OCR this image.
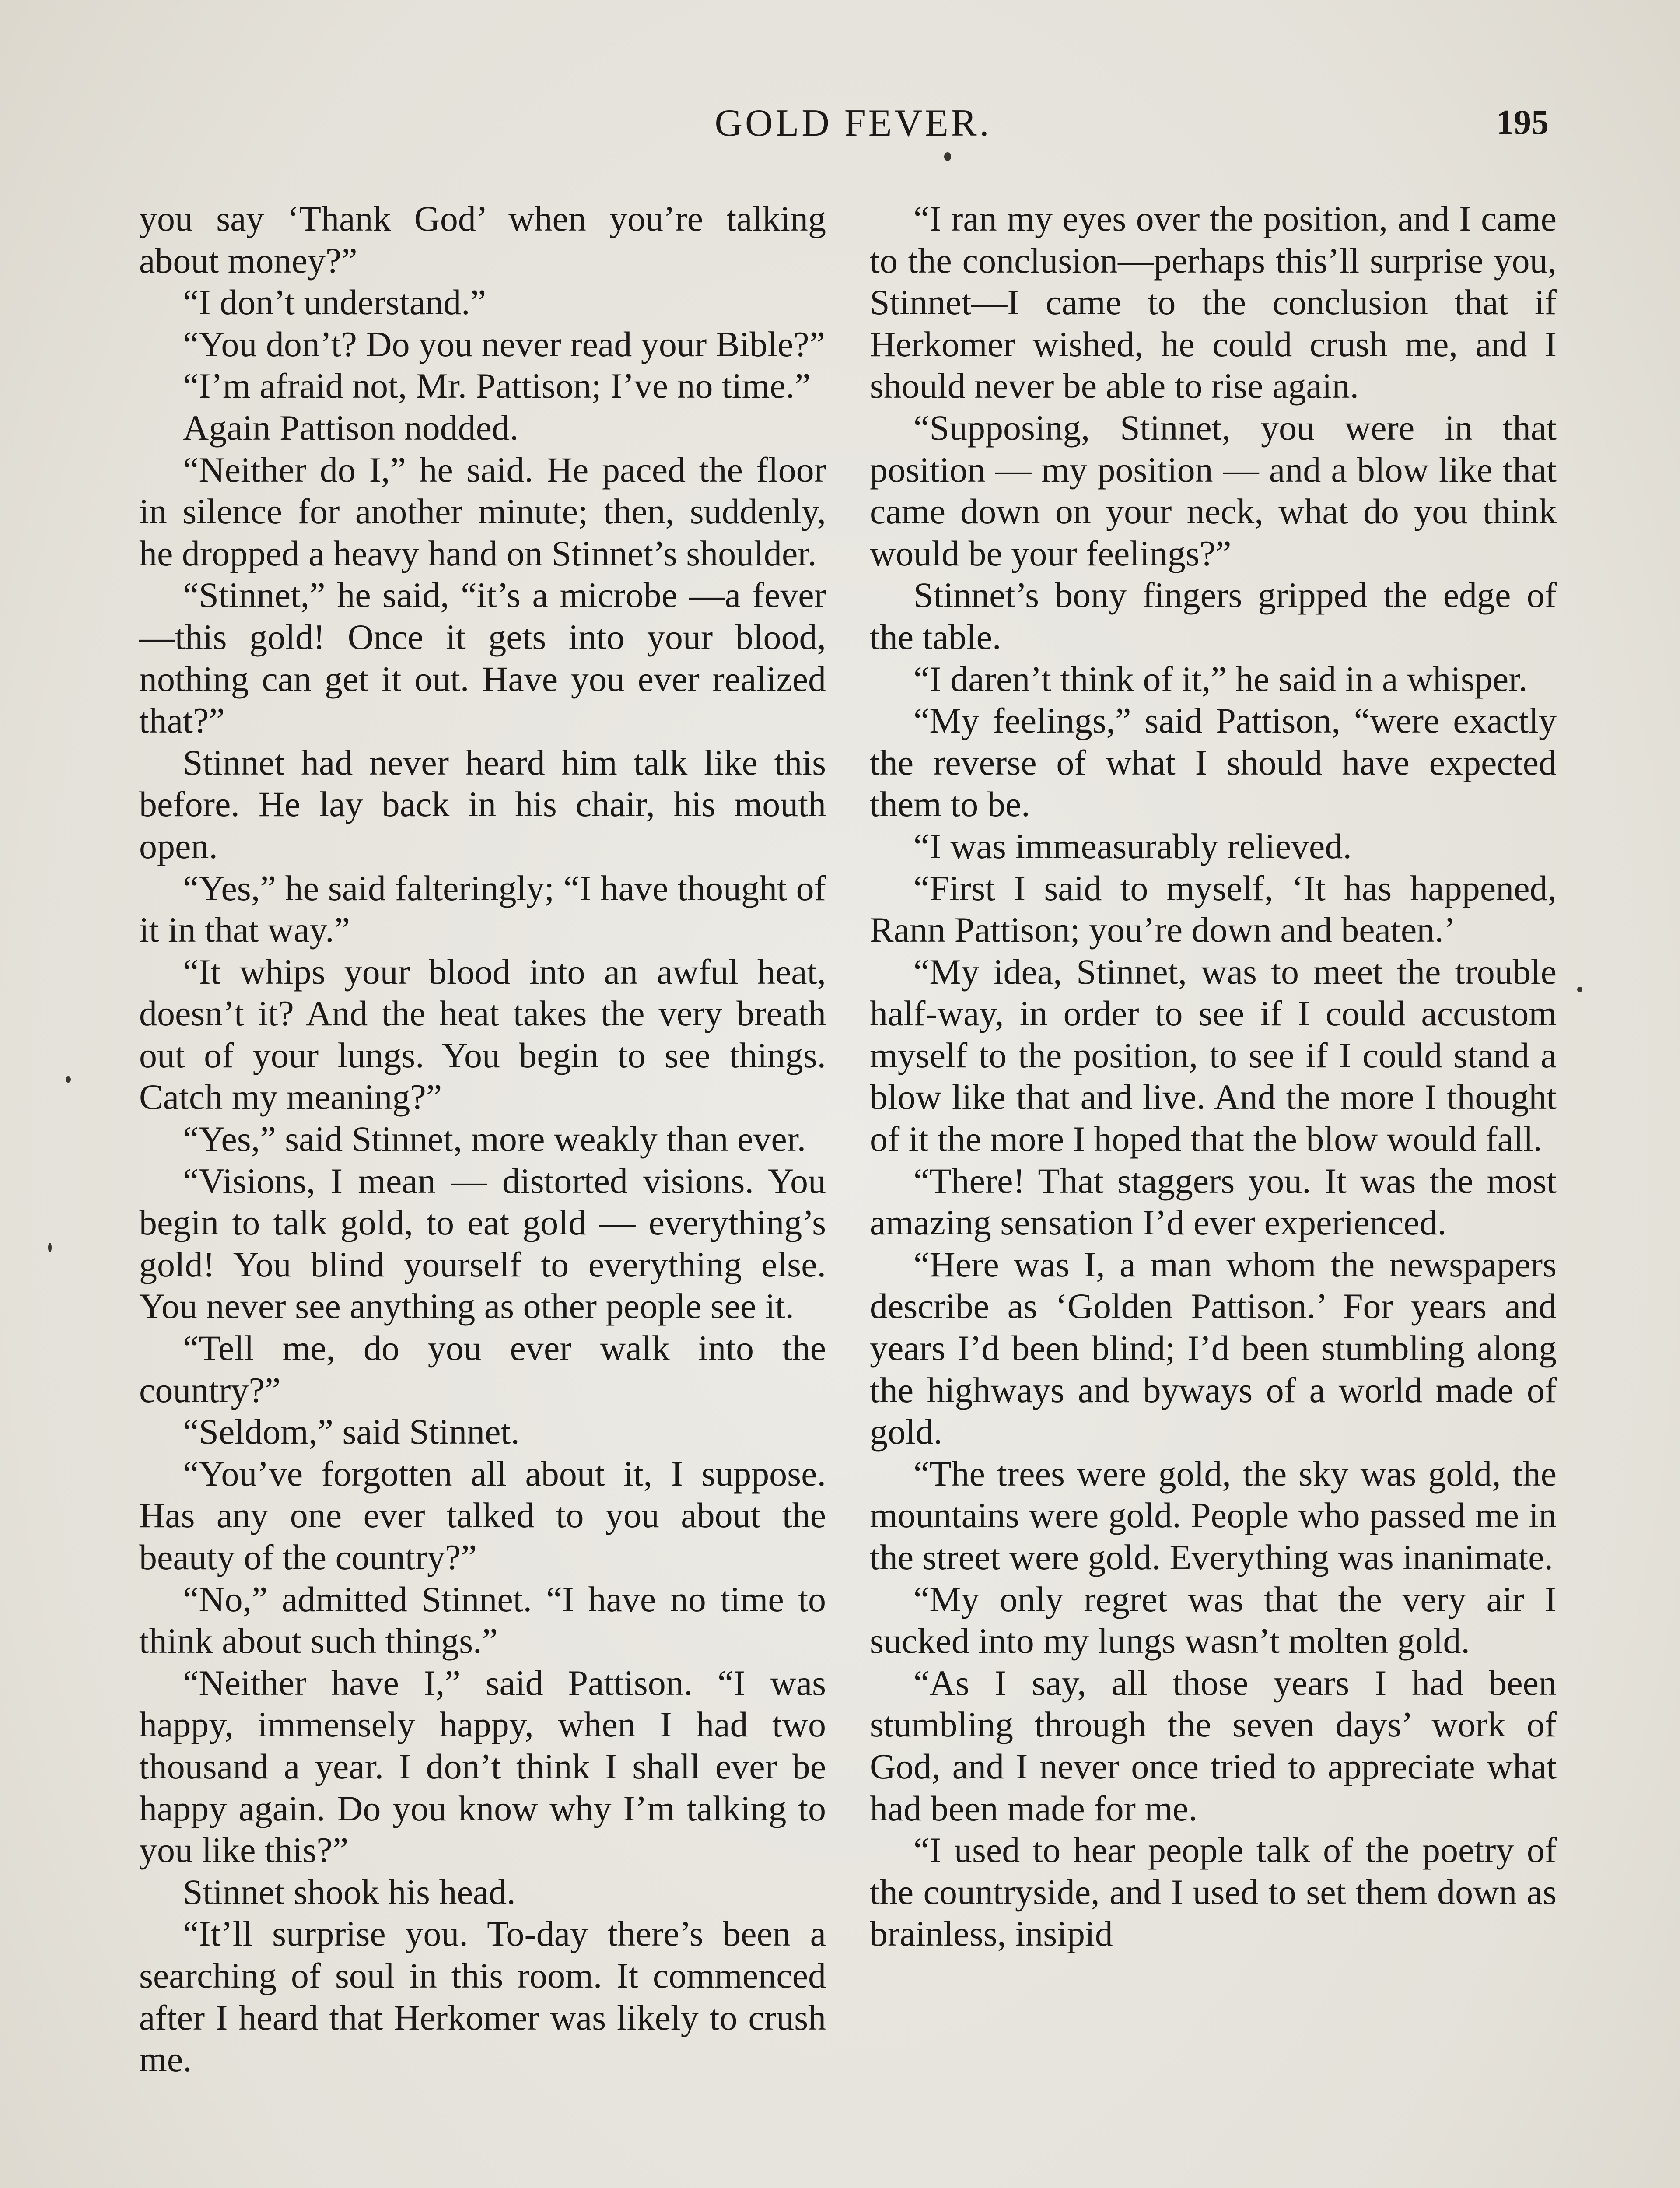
GOLD FEVER.	195

you say ‘Thank God’ when you’re talking about money?”

“I don’t understand.”

“You don’t? Do you never read your Bible?”

“I’m afraid not, Mr. Pattison; I’ve no time.”

Again Pattison nodded.

“Neither do I,” he said. He paced the floor in silence for another minute; then, suddenly, he dropped a heavy hand on Stinnet’s shoulder.

“Stinnet,” he said, “it’s a microbe —a fever—this gold! Once it gets into your blood, nothing can get it out. Have you ever realized that?”

Stinnet had never heard him talk like this before. He lay back in his chair, his mouth open.

“Yes,” he said falteringly; “I have thought of it in that way.”

“It whips your blood into an awful heat, doesn’t it? And the heat takes the very breath out of your lungs. You begin to see things. Catch my meaning?”

“Yes,” said Stinnet, more weakly than ever.

“Visions, I mean — distorted visions. You begin to talk gold, to eat gold — everything’s gold! You blind yourself to everything else. You never see anything as other people see it.

“Tell me, do you ever walk into the country?”

“Seldom,” said Stinnet.

“You’ve forgotten all about it, I suppose. Has any one ever talked to you about the beauty of the country?”

“No,” admitted Stinnet. “I have no time to think about such things.”

“Neither have I,” said Pattison. “I was happy, immensely happy, when I had two thousand a year. I don’t think I shall ever be happy again. Do you know why I’m talking to you like this?”

Stinnet shook his head.

“It’ll surprise you. To-day there’s been a searching of soul in this room. It commenced after I heard that Herkomer was likely to crush me.

“I ran my eyes over the position, and I came to the conclusion—perhaps this’ll surprise you, Stinnet—I came to the conclusion that if Herkomer wished, he could crush me, and I should never be able to rise again.

“Supposing, Stinnet, you were in that position — my position — and a blow like that came down on your neck, what do you think would be your feelings?”

Stinnet’s bony fingers gripped the edge of the table.

“I daren’t think of it,” he said in a whisper.

“My feelings,” said Pattison, “were exactly the reverse of what I should have expected them to be.

“I was immeasurably relieved.

“First I said to myself, ‘It has happened, Rann Pattison; you’re down and beaten.’

“My idea, Stinnet, was to meet the trouble half-way, in order to see if I could accustom myself to the position, to see if I could stand a blow like that and live. And the more I thought of it the more I hoped that the blow would fall.

“There! That staggers you. It was the most amazing sensation I’d ever experienced.

“Here was I, a man whom the newspapers describe as ‘Golden Pattison.’ For years and years I’d been blind; I’d been stumbling along the highways and byways of a world made of gold.

“The trees were gold, the sky was gold, the mountains were gold. People who passed me in the street were gold. Everything was inanimate.

“My only regret was that the very air I sucked into my lungs wasn’t molten gold.

“As I say, all those years I had been stumbling through the seven days’ work of God, and I never once tried to appreciate what had been made for me.

“I used to hear people talk of the poetry of the countryside, and I used to set them down as brainless, insipid
